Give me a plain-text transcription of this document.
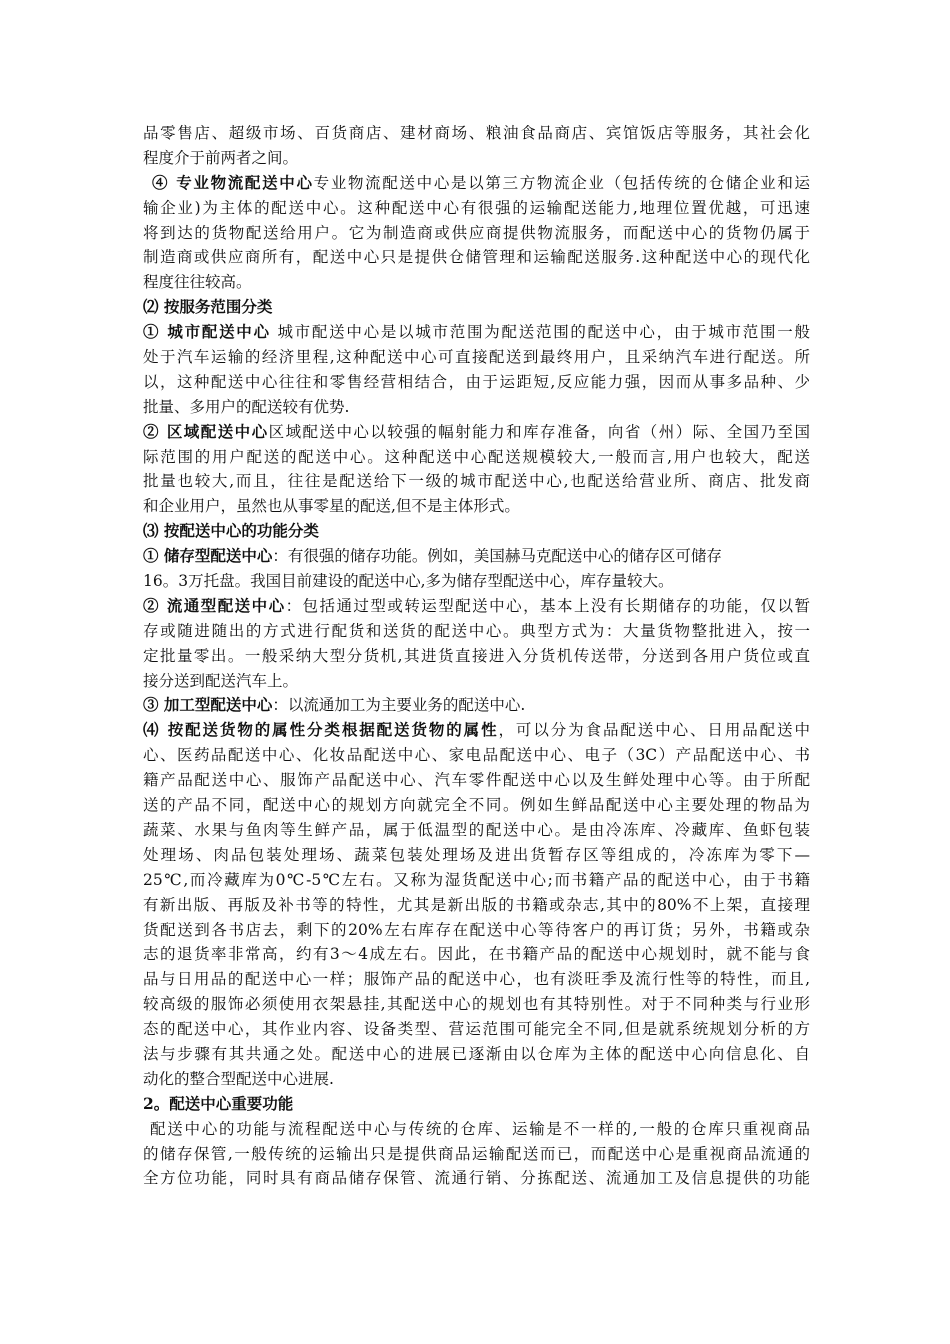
品零售店、超级市场、百货商店、建材商场、粮油食品商店、宾馆饭店等服务，其社会化
程度介于前两者之间。
④ 专业物流配送中心专业物流配送中心是以第三方物流企业（包括传统的仓储企业和运
输企业)为主体的配送中心。这种配送中心有很强的运输配送能力,地理位置优越，可迅速
将到达的货物配送给用户。它为制造商或供应商提供物流服务，而配送中心的货物仍属于
制造商或供应商所有，配送中心只是提供仓储管理和运输配送服务.这种配送中心的现代化
程度往往较高。
⑵ 按服务范围分类
① 城市配送中心 城市配送中心是以城市范围为配送范围的配送中心，由于城市范围一般
处于汽车运输的经济里程,这种配送中心可直接配送到最终用户，且采纳汽车进行配送。所
以，这种配送中心往往和零售经营相结合，由于运距短,反应能力强，因而从事多品种、少
批量、多用户的配送较有优势.
② 区域配送中心区域配送中心以较强的幅射能力和库存准备，向省（州）际、全国乃至国
际范围的用户配送的配送中心。这种配送中心配送规模较大,一般而言,用户也较大，配送
批量也较大,而且，往往是配送给下一级的城市配送中心,也配送给营业所、商店、批发商
和企业用户，虽然也从事零星的配送,但不是主体形式。
⑶ 按配送中心的功能分类
① 储存型配送中心：有很强的储存功能。例如，美国赫马克配送中心的储存区可储存
16。3万托盘。我国目前建设的配送中心,多为储存型配送中心，库存量较大。
② 流通型配送中心：包括通过型或转运型配送中心，基本上没有长期储存的功能，仅以暂
存或随进随出的方式进行配货和送货的配送中心。典型方式为：大量货物整批进入，按一
定批量零出。一般采纳大型分货机,其进货直接进入分货机传送带，分送到各用户货位或直
接分送到配送汽车上。
③ 加工型配送中心：以流通加工为主要业务的配送中心.
⑷ 按配送货物的属性分类根据配送货物的属性，可以分为食品配送中心、日用品配送中
心、医药品配送中心、化妆品配送中心、家电品配送中心、电子（3C）产品配送中心、书
籍产品配送中心、服饰产品配送中心、汽车零件配送中心以及生鲜处理中心等。由于所配
送的产品不同，配送中心的规划方向就完全不同。例如生鲜品配送中心主要处理的物品为
蔬菜、水果与鱼肉等生鲜产品，属于低温型的配送中心。是由冷冻库、冷藏库、鱼虾包装
处理场、肉品包装处理场、蔬菜包装处理场及进出货暂存区等组成的，冷冻库为零下—
25℃,而冷藏库为0℃-5℃左右。又称为湿货配送中心;而书籍产品的配送中心，由于书籍
有新出版、再版及补书等的特性，尤其是新出版的书籍或杂志,其中的80%不上架，直接理
货配送到各书店去，剩下的20%左右库存在配送中心等待客户的再订货；另外，书籍或杂
志的退货率非常高，约有3～4成左右。因此，在书籍产品的配送中心规划时，就不能与食
品与日用品的配送中心一样；服饰产品的配送中心，也有淡旺季及流行性等的特性，而且,
较高级的服饰必须使用衣架悬挂,其配送中心的规划也有其特别性。对于不同种类与行业形
态的配送中心，其作业内容、设备类型、营运范围可能完全不同,但是就系统规划分析的方
法与步骤有其共通之处。配送中心的进展已逐渐由以仓库为主体的配送中心向信息化、自
动化的整合型配送中心进展.
2。配送中心重要功能
配送中心的功能与流程配送中心与传统的仓库、运输是不一样的,一般的仓库只重视商品
的储存保管,一般传统的运输出只是提供商品运输配送而已，而配送中心是重视商品流通的
全方位功能，同时具有商品储存保管、流通行销、分拣配送、流通加工及信息提供的功能
